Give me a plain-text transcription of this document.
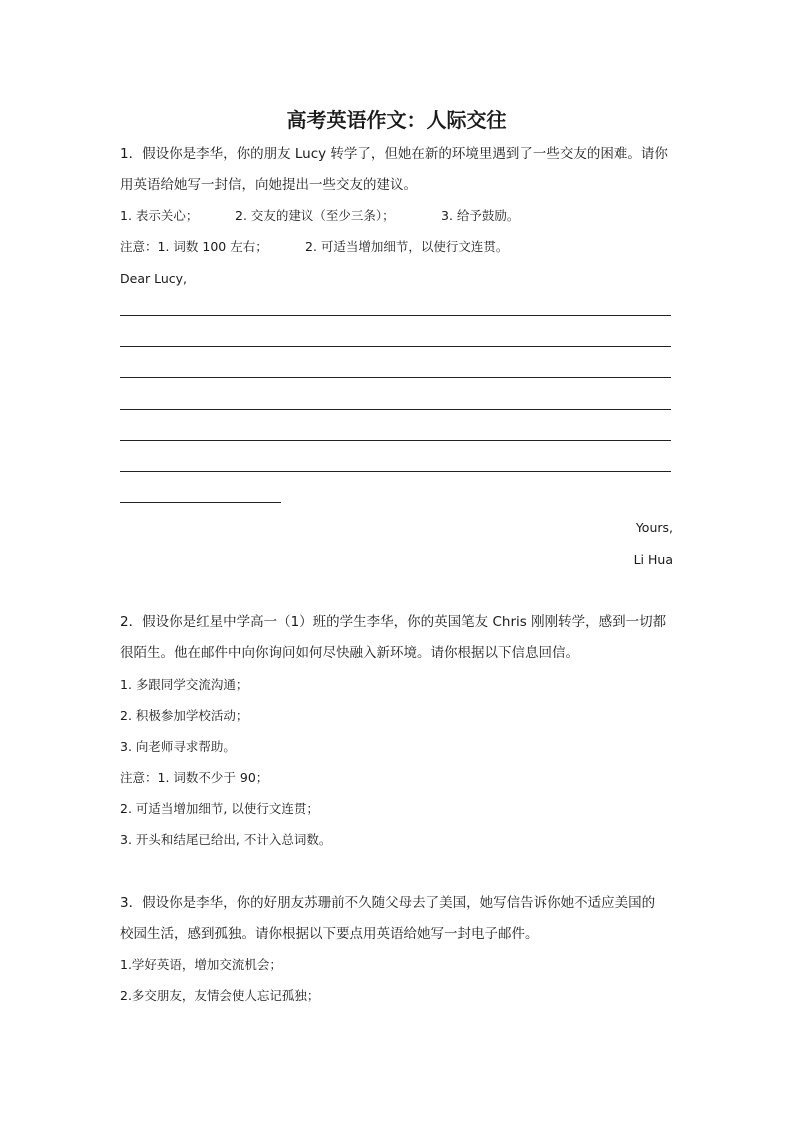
高考英语作文：人际交往
1．假设你是李华，你的朋友 Lucy 转学了，但她在新的环境里遇到了一些交友的困难。请你
用英语给她写一封信，向她提出一些交友的建议。
1. 表示关心；	2. 交友的建议（至少三条）；	3. 给予鼓励。
注意：1. 词数 100 左右；	2. 可适当增加细节，以使行文连贯。
Dear Lucy,
Yours,
Li Hua
2．假设你是红星中学高一（1）班的学生李华，你的英国笔友 Chris 刚刚转学，感到一切都
很陌生。他在邮件中向你询问如何尽快融入新环境。请你根据以下信息回信。
1. 多跟同学交流沟通；
2. 积极参加学校活动；
3. 向老师寻求帮助。
注意：1. 词数不少于 90；
2. 可适当增加细节, 以使行文连贯；
3. 开头和结尾已给出, 不计入总词数。
3．假设你是李华，你的好朋友苏珊前不久随父母去了美国，她写信告诉你她不适应美国的
校园生活，感到孤独。请你根据以下要点用英语给她写一封电子邮件。
1.学好英语，增加交流机会；
2.多交朋友，友情会使人忘记孤独；
